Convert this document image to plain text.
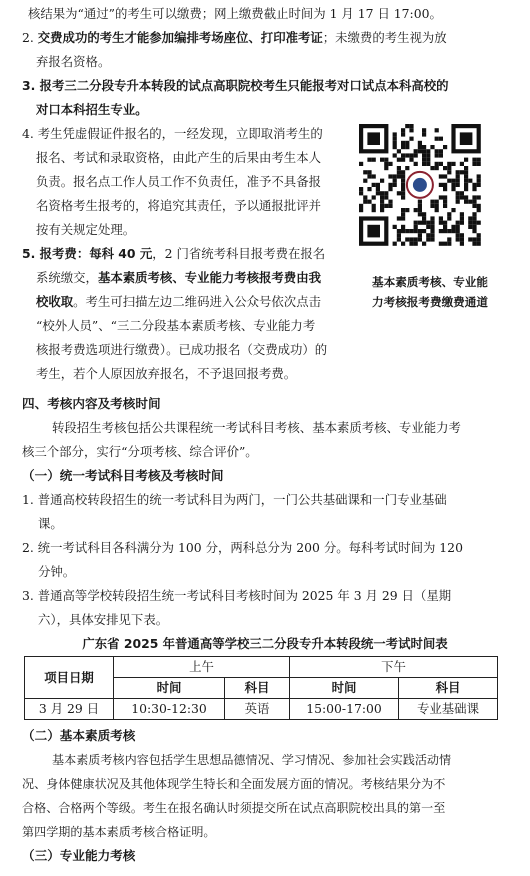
核结果为“通过”的考生可以缴费；网上缴费截止时间为 1 月 17 日 17:00。
2. 交费成功的考生才能参加编排考场座位、打印准考证；未缴费的考生视为放
弃报名资格。
3. 报考三二分段专升本转段的试点高职院校考生只能报考对口试点本科高校的
对口本科招生专业。
4. 考生凭虚假证件报名的，一经发现，立即取消考生的
报名、考试和录取资格，由此产生的后果由考生本人
负责。报名点工作人员工作不负责任，准予不具备报
名资格考生报考的，将追究其责任，予以通报批评并
按有关规定处理。
5. 报考费：每科 40 元，2 门省统考科目报考费在报名
系统缴交，基本素质考核、专业能力考核报考费由我
校收取。考生可扫描左边二维码进入公众号依次点击
“校外人员”、“三二分段基本素质考核、专业能力考
核报考费选项进行缴费）。已成功报名（交费成功）的
考生，若个人原因放弃报名，不予退回报考费。
基本素质考核、专业能
力考核报考费缴费通道
四、考核内容及考核时间
转段招生考核包括公共课程统一考试科目考核、基本素质考核、专业能力考
核三个部分，实行“分项考核、综合评价”。
（一）统一考试科目考核及考核时间
1. 普通高校转段招生的统一考试科目为两门，一门公共基础课和一门专业基础
课。
2. 统一考试科目各科满分为 100 分，两科总分为 200 分。每科考试时间为 120
分钟。
3. 普通高等学校转段招生统一考试科目考核时间为 2025 年 3 月 29 日（星期
六），具体安排见下表。
广东省 2025 年普通高等学校三二分段专升本转段统一考试时间表
项目日期	上午		下午	
	时间	科目	时间	科目
3 月 29 日	10:30-12:30	英语	15:00-17:00	专业基础课
（二）基本素质考核
基本素质考核内容包括学生思想品德情况、学习情况、参加社会实践活动情
况、身体健康状况及其他体现学生特长和全面发展方面的情况。考核结果分为不
合格、合格两个等级。考生在报名确认时须提交所在试点高职院校出具的第一至
第四学期的基本素质考核合格证明。
（三）专业能力考核
